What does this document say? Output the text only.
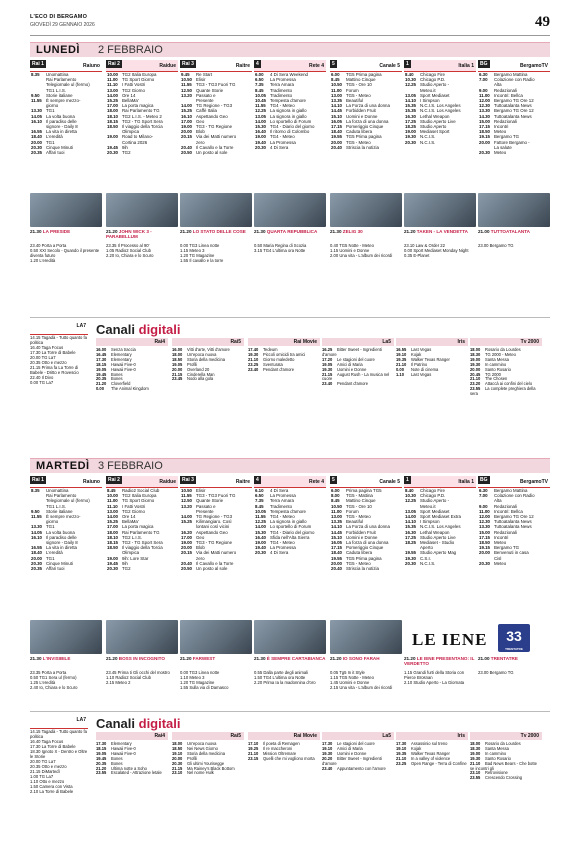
L'ECO DI BERGAMO
GIOVEDÌ 29 GENNAIO 2026	49
LUNEDÌ 2 FEBBRAIO
Rai 1	Raiuno
8.35 Unomattina
Rai Parlamento
Telegiornale ul (fermo)
TG1 L.I.S.
9.50 Storie italiane
11.55 È sempre mezzo-
giorno
13.30 TG1
14.05 La volta buona
16.10 Il paradiso delle
signore - Daily 8
16.55 La vita in diretta
18.40 L'eredità
20.00 TG1
20.30 Cinque Minuti
20.35 Affari tuoi
21.30 LA PRESIDE
23.40 Porta a Porta
0.50 XXI Secolo - Quando il presente diventa futuro
1.20 L'eredità
Rai 2	Raidue
10.00 TG2 Italia Europa
11.00 TG Sport Giorno
11.10 I Fatti Vostri
13.00 TG2 Giorno
14.00 Ore 14
15.25 BellaMa'
17.00 La porta magica
18.00 Rai Parlamento TG
18.10 TG2 L.I.S. - Meteo 2
18.15 TG2 - TG Sport Sera
18.50 Il viaggio della Torcia
Olimpica
19.00 Road to Milano-
Cortina 2026
19.45 9ih
20.30 TG2
21.20 JOHN WICK 3 - PARABELLUM
23.35 Il Processo al 90'
1.05 Radio2 Social Club
2.20 Io, Chiara e lo Scuro
Rai 3	Raitre
9.45 Re Start
10.50 Elisir
11.55 TG3 - TG3 Fuori TG
12.50 Quante Storie
13.20 Passato e
Presente
14.00 TG Regione - TG3
15.25 Caffè Italia
16.10 Aspettando Geo
17.00 Geo
19.00 TG3 - TG Regione
20.00 Blob
20.15 Via dei Matti numero
zero
20.40 Il Cavallo e la Torre
20.50 Un posto al sole
21.20 LO STATO DELLE COSE
0.00 TG3 Linea notte
1.15 Meteo 3
1.20 TG Magazine
1.55 Il cavallo e la torre
4	Rete 4
6.00 4 Di Sera Weekend
6.50 La Promessa
7.35 Terra Amara
8.45 Tradimento
10.05 Tradimento
10.45 Tempesta d'amore
11.55 TG4 - Meteo
12.25 La signora in giallo
13.05 La signora in giallo
14.00 Lo sportello di Forum
15.30 TG4 - Diario del giorno
16.40 Il ritorno di Colombo
19.00 TG4 - Meteo
19.40 La Promessa
20.30 4 Di Sera
21.30 QUARTA REPUBBLICA
0.50 Maria Regina di Scozia
3.15 TG4 L'ultima ora Notte
5	Canale 5
6.00 TG5 Prima pagina
8.45 Mattino Cinque
10.50 TG5 - Ore 10
11.00 Forum
13.00 TG5 - Meteo
13.35 Beautiful
14.10 La Forza di una donna
14.45 Forbidden Fruit
15.10 Uomini e Donne
16.05 La forza di una donna
17.15 Pomeriggio Cinque
18.40 Caduta libera
19.55 TG5 Prima pagina
20.00 TG5 - Meteo
20.40 Striscia la notizia
21.30 ZELIG 30
0.40 TG5 Notte - Meteo
1.15 Uomini e Donne
2.00 Una vita - L'album dei ricordi
1	Italia 1
8.40 Chicago Fire
10.30 Chicago P.D.
12.25 Studio Aperto -
Meteo.it
13.05 Sport Mediaset
14.10 I Simpson
15.35 N.C.I.S. Los Angeles
15.35 N.C.I.S. Los Angeles
16.30 Lethal Weapon
17.25 Studio Aperto Live
18.25 Studio Aperto
19.00 Mediaset Sport
19.30 N.C.I.S.
20.30 N.C.I.S.
21.20 TAKEN - LA VENDETTA
23.10 Law & Order 22
0.00 Sport Mediaset Monday Night
0.35 E-Planet
BG	BergamoTV
6.30 Bergamo Mattina
7.00 Colazione con Radio
Alta
9.00 Redazionali
11.00 Incontri: Bellca
12.00 Bergamo TG Ore 12
12.30 Tuttoatalanta News
13.30 Bergamo TG Ore 12
14.30 Tuttoatalanta News
15.00 Redazionali
17.15 Incontri
18.50 Meteo
19.15 Bergamo TG
20.00 Fattore Bergamo -
La salute
20.30 Meteo
21.00 TUTTOATALANTA
23.00 Bergamo TG
LA7
14.15 Tagadà - Tutto quanto fa politica
16.40 Taga Focus
17.30 La Torre di Babele
20.00 TG La7
20.35 Otto e mezzo
21.15 Prima fa La Torre di Babele - Dritto e Rovescio
22.40 Il Divo
0.00 TG La7
Canali digitali
Rai4
16.00 Senza traccia
16.45 Elementary
17.30 Elementary
18.15 Hawaii Five-0
19.05 Hawaii Five-0
19.45 Bones
20.35 Bones
21.20 Cloverfield
0.00 The Animal Kingdom
Rai5
16.00 Vitti d'arte, Vitti d'amore
18.00 Un'epoca nuova
18.50 Storia della medicina
19.05 Profili
20.00 Overland 20
21.15 Cinderella Man
23.45 Nodo alla gola
Rai Movie
17.40 Tedeum
19.30 Piccoli omicidi tra amici
21.10 Giorno maledetto
23.25 Sventurata
23.40 Pendant d'amore
La5
16.25 Bitter Sweet - Ingredienti d'amore
17.20 Le stagioni del cuore
19.05 Amici di Maria
19.30 Uomini e Donne
21.15 August Rush - La musica nel cuore
23.40 Pendant d'amore
Iris
16.55 Last Vegas
19.10 Kojak
19.35 Walker Texas Ranger
21.10 Il Patrino
0.00 Note di cinema
1.10 Last Vegas
Tv 2000
18.00 Rosario da Lourdes
18.30 TG 2000 - Meteo
19.00 Santa Messa
19.30 In cammino
20.00 Santo Rosario
20.45 TG 2000
21.10 The Chosen
23.20 Attaccà ai confini del cielo
23.55 La complete preghiera della sera
MARTEDÌ 3 FEBBRAIO
Rai 1	Raiuno
8.35 Unomattina
Rai Parlamento
Telegiornale ul (fermo)
TG1 L.I.S.
9.50 Storie italiane
11.55 È sempre mezzo-
giorno
13.30 TG1
14.05 La volta buona
16.10 Il paradiso delle
signore - Daily 8
16.55 La vita in diretta
18.40 L'eredità
20.00 TG1
20.30 Cinque Minuti
20.35 Affari tuoi
21.30 L'INVISIBILE
23.35 Porta a Porta
0.50 TG1 Sera ul (fermo)
1.25 L'eredità
2.40 Io, Chiara e lo Scuro
Rai 2	Raidue
8.45 Radio2 Social Club
10.00 TG2 Italia Europa
11.00 TG Sport Giorno
11.10 I Fatti Vostri
13.00 TG2 Giorno
14.00 Ore 14
15.25 BellaMa'
17.00 La porta magica
18.00 Rai Parlamento TG
18.10 TG2 L.I.S.
18.15 TG2 - TG Sport Sera
18.50 Il viaggio della Torcia
Olimpica
19.00 9ih: Lore Star
19.45 9ih
20.30 TG2
21.20 BOSS IN INCOGNITO
23.45 Prima ti Gli occhi del mostro
1.10 Radio2 Social Club
2.15 Meteo 2
Rai 3	Raitre
10.50 Elisir
11.55 TG3 - TG3 Fuori TG
12.50 Quante Storie
13.20 Passato e
Presente
14.00 TG Regione - TG3
15.25 Kilimangiaro. Così
lontani così vicini
16.20 Aspettando Geo
17.00 Geo
19.00 TG3 - TG Regione
20.00 Blob
20.15 Via dei Matti numero
zero
20.40 Il Cavallo e la Torre
20.50 Un posto al sole
21.20 FARWEST
0.00 TG3 Linea notte
1.10 Meteo 3
1.20 TG Magazine
1.55 Sulla via di Damasco
4	Rete 4
6.10 4 Di Sera
6.50 La Promessa
7.35 Terra Amara
8.45 Tradimento
10.05 Tempesta d'amore
11.55 TG4 - Meteo
12.25 La signora in giallo
14.00 Lo sportello di Forum
15.30 TG4 - Diario del giorno
16.40 Sfida nell'Alta Sierra
19.00 TG4 - Meteo
19.40 La Promessa
20.30 4 Di Sera
21.30 È SEMPRE CARTABIANCA
0.55 Dalla parte degli animali
1.50 TG4 L'ultima ora Notte
2.20 Prima Ia la madonnina d'oro
5	Canale 5
6.00 Prima pagina TG5
8.00 TG5 - Mattina
8.45 Mattino Cinque
10.50 TG5 - Ore 10
11.00 Forum
13.00 TG5 - Meteo
13.35 Beautiful
14.10 La Forza di una donna
14.45 Forbidden Fruit
15.10 Uomini e Donne
16.05 La forza di una donna
17.15 Pomeriggio Cinque
18.40 Caduta libera
19.55 TG5 Prima pagina
20.00 TG5 - Meteo
20.40 Striscia la notizia
21.20 IO SONO FARAH
0.05 Tg5 In it Style
1.15 TG5 Notte - Meteo
1.45 Uomini e Donne
2.15 Una vita - L'album dei ricordi
1	Italia 1
8.40 Chicago Fire
10.30 Chicago P.D.
12.25 Studio Aperto -
Meteo.it
13.05 Sport Mediaset
14.00 Sport Mediaset Extra
14.10 I Simpson
15.35 N.C.I.S. Los Angeles
16.30 Lethal Weapon
17.25 Studio Aperto Live
18.25 Mediaset - Studio
Aperto
19.55 Studio Aperto Mag
19.30 C.S.I.
20.30 N.C.I.S.
21.20 LE IENE PRESENTANO: IL VERDETTO
1.15 Grandi furti della Storia con Pierce Brosnan
2.10 Studio Aperto - La Giornata
BG	BergamoTV
6.30 Bergamo Mattina
7.00 Colazione con Radio
Alta
9.00 Redazionali
11.00 Incontri: Bellca
12.00 Bergamo TG Ore 12
12.30 Tuttoatalanta News
13.30 Tuttoatalanta News
15.00 Redazionali
17.15 Incontri
18.50 Meteo
19.15 Bergamo TG
20.00 Benvenuti in casa
Cisl
20.30 Meteo
21.00 TRENTATRE
23.00 Bergamo TG
LE IENE	33
TRENTATRE
LA7
14.15 Tagadà - Tutto quanto fa politica
16.40 Taga Focus
17.30 La Torre di Babele
18.30 Ignoto X - Dentro e Oltre le Storie
20.00 TG La7
20.35 Otto e mezzo
21.15 DiMartedì
1.00 TG La7
1.10 Otto e mezzo
1.50 Camera con Vista
2.10 La Torre di Babele
Canali digitali
Rai4
17.30 Elementary
18.15 Hawaii Five-0
19.05 Hawaii Five-0
19.45 Bones
20.35 Bones
21.20 Ultima notte a Soho
23.55 Escalated - Attrazione letale
Rai5
18.00 Un'epoca nuova
18.50 Nei News Giorno
19.10 Storia della medicina
20.00 Profili
20.30 Gli ultimi Yourisegge
21.15 Ma Rainey's Black Bottom
23.10 Nel nome Hulk
Rai Movie
17.10 Il poeta di Remagen
19.25 Il re maccheroni
21.10 Mission Oltremare
23.15 Quelli che mi vogliono morta
La5
17.30 Le stagioni del cuore
19.10 Amici di Maria
19.30 Uomini e Donne
20.20 Bitter Sweet - Ingredienti d'amore
23.40 Appuntamento con l'amore
Iris
17.30 Assassinio sul treno
19.10 Kojak
19.35 Walker Texas Ranger
21.10 In a valley of violence
23.25 Open Range - Terra di Confine
Tv 2000
18.00 Rosario da Lourdes
18.30 Santa Messa
19.00 In cammino
19.30 Santo Rosario
21.10 Bad News Bears - Che botte se incontri gli
23.10 Retrovisione
23.55 Crescendo Crossing
